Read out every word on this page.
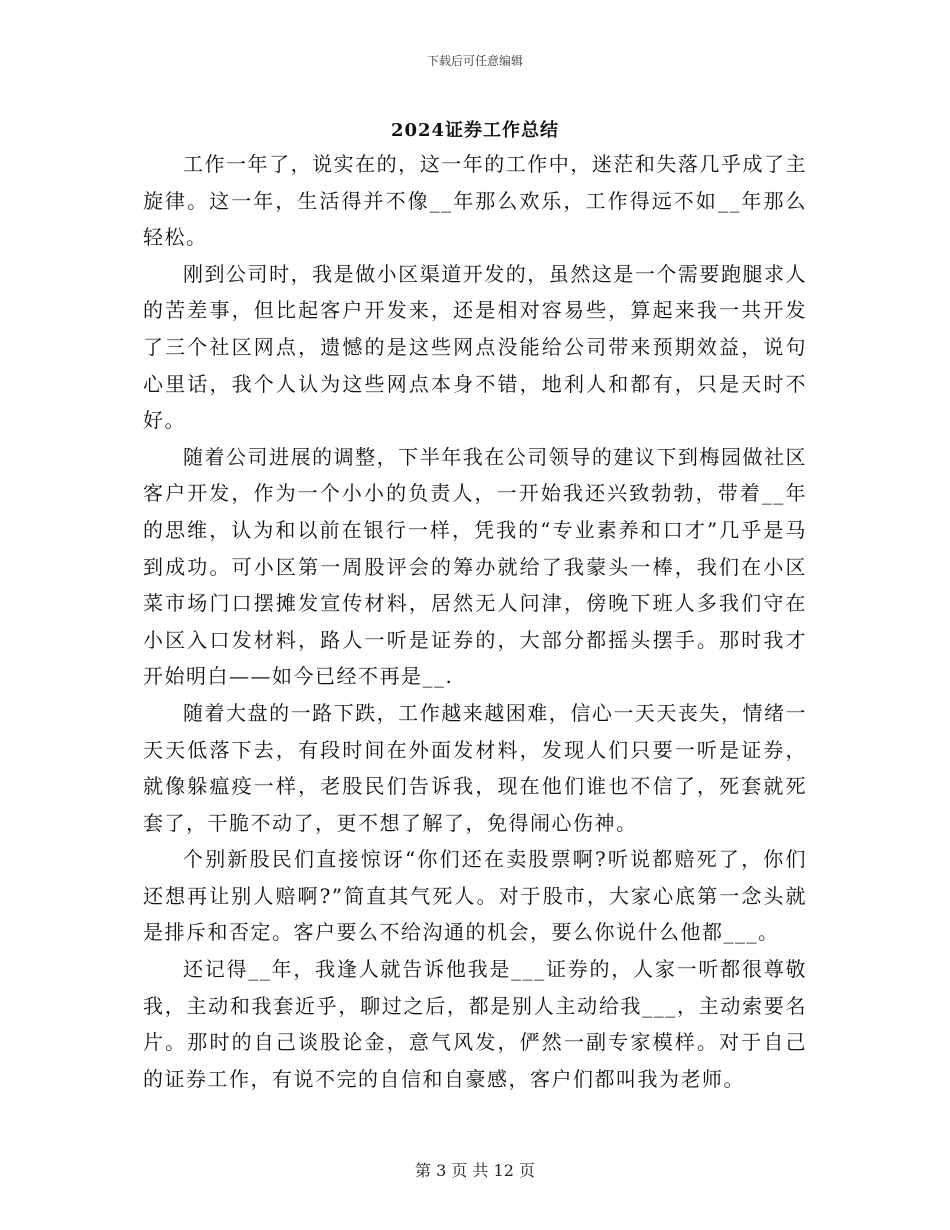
下载后可任意编辑
2024证券工作总结

工作一年了，说实在的，这一年的工作中，迷茫和失落几乎成了主旋律。这一年，生活得并不像__年那么欢乐，工作得远不如__年那么轻松。

刚到公司时，我是做小区渠道开发的，虽然这是一个需要跑腿求人的苦差事，但比起客户开发来，还是相对容易些，算起来我一共开发了三个社区网点，遗憾的是这些网点没能给公司带来预期效益，说句心里话，我个人认为这些网点本身不错，地利人和都有，只是天时不好。

随着公司进展的调整，下半年我在公司领导的建议下到梅园做社区客户开发，作为一个小小的负责人，一开始我还兴致勃勃，带着__年的思维，认为和以前在银行一样，凭我的“专业素养和口才”几乎是马到成功。可小区第一周股评会的筹办就给了我蒙头一棒，我们在小区菜市场门口摆摊发宣传材料，居然无人问津，傍晚下班人多我们守在小区入口发材料，路人一听是证券的，大部分都摇头摆手。那时我才开始明白——如今已经不再是__.

随着大盘的一路下跌，工作越来越困难，信心一天天丧失，情绪一天天低落下去，有段时间在外面发材料，发现人们只要一听是证券，就像躲瘟疫一样，老股民们告诉我，现在他们谁也不信了，死套就死套了，干脆不动了，更不想了解了，免得闹心伤神。

个别新股民们直接惊讶“你们还在卖股票啊?听说都赔死了，你们还想再让别人赔啊?”简直其气死人。对于股市，大家心底第一念头就是排斥和否定。客户要么不给沟通的机会，要么你说什么他都___。

还记得__年，我逢人就告诉他我是___证券的，人家一听都很尊敬我，主动和我套近乎，聊过之后，都是别人主动给我___，主动索要名片。那时的自己谈股论金，意气风发，俨然一副专家模样。对于自己的证券工作，有说不完的自信和自豪感，客户们都叫我为老师。

第 3 页 共 12 页
